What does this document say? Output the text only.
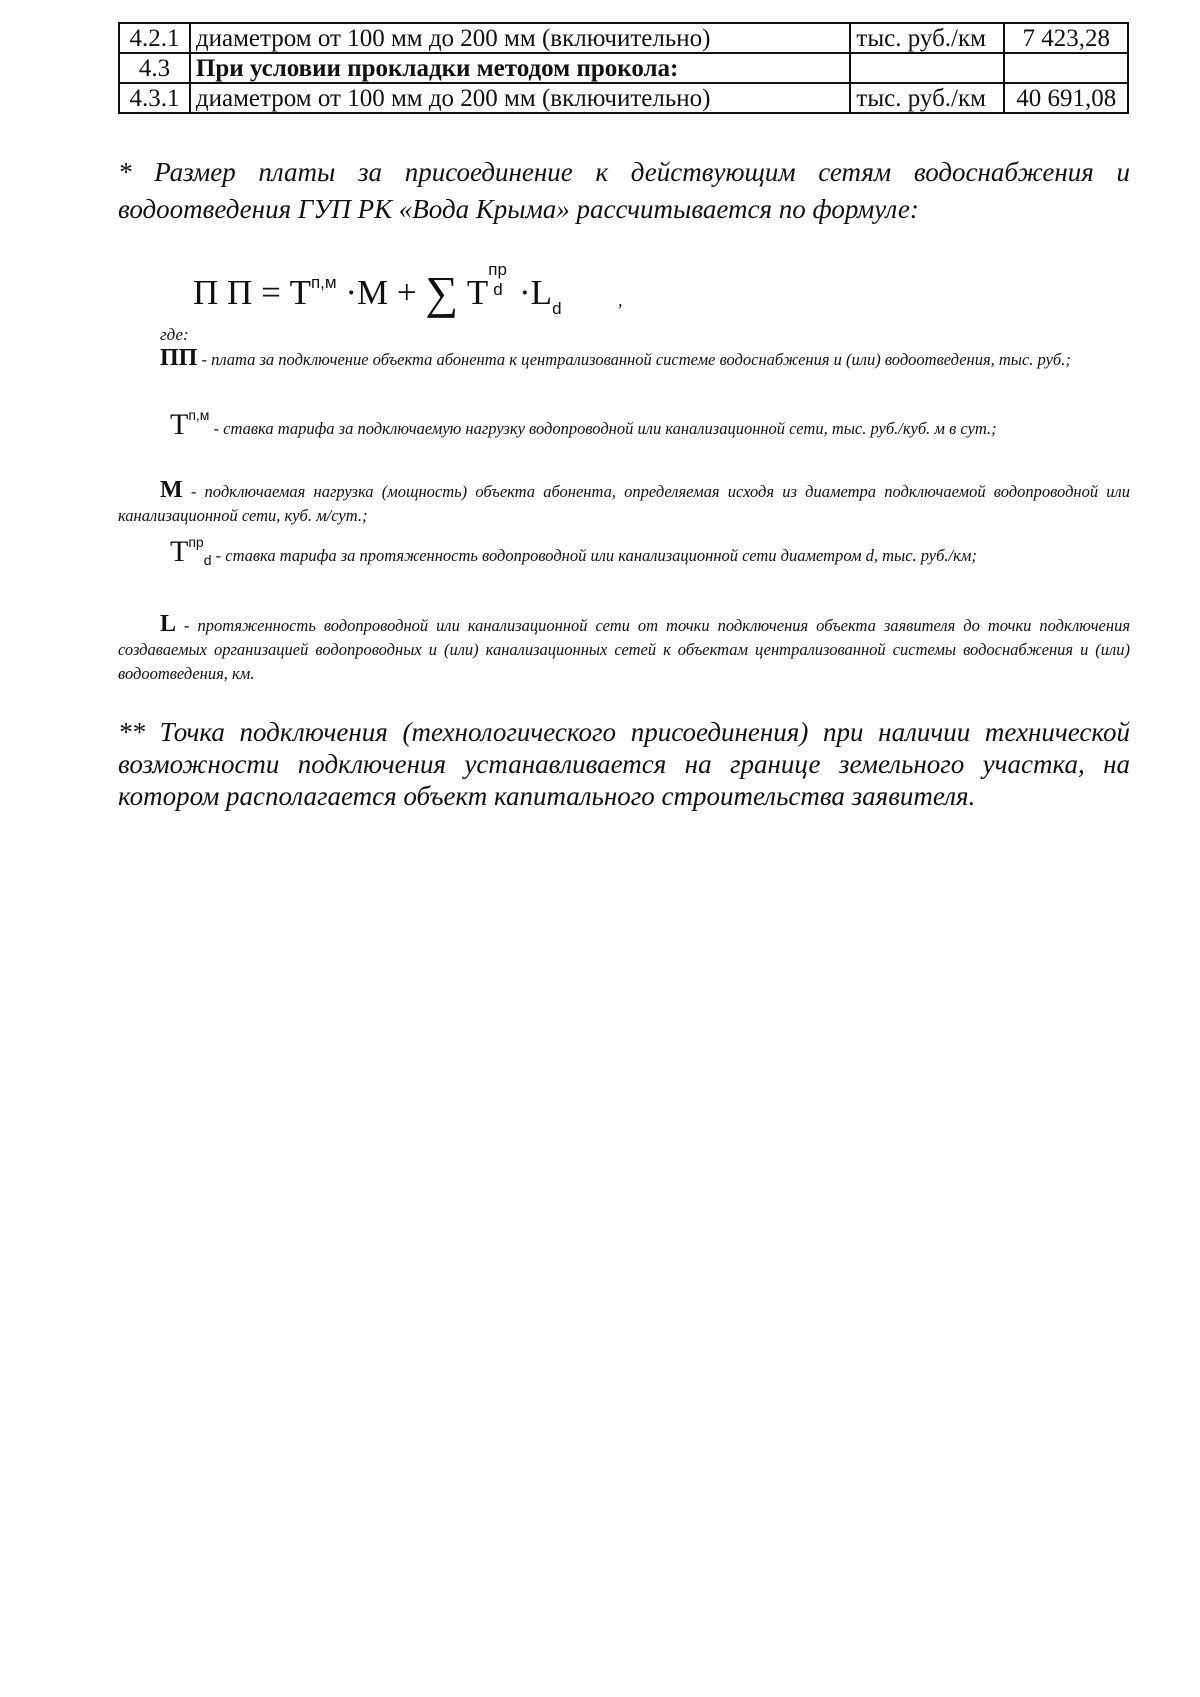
4.2.1	диаметром от 100 мм до 200 мм (включительно)	тыс. руб./км	7 423,28
4.3	При условии прокладки методом прокола:		
4.3.1	диаметром от 100 мм до 200 мм (включительно)	тыс. руб./км	40 691,08
* Размер платы за присоединение к действующим сетям водоснабжения и водоотведения ГУП РК «Вода Крыма» рассчитывается по формуле:
П $П = Т^{п,м} \cdot М$ + ∑ Т
пр
$d \cdot L_d$	,
где:
ПП - плата за подключение объекта абонента к централизованной системе водоснабжения и (или) водоотведения, тыс. руб.;
$Т^{п,м}$ - ставка тарифа за подключаемую нагрузку водопроводной или канализационной сети, тыс. руб./куб. м в сут.;
М - подключаемая нагрузка (мощность) объекта абонента, определяемая исходя из диаметра подключаемой водопроводной или канализационной сети, куб. м/сут.;
$Т^{пр}_d$ - ставка тарифа за протяженность водопроводной или канализационной сети диаметром d, тыс. руб./км;
L - протяженность водопроводной или канализационной сети от точки подключения объекта заявителя до точки подключения создаваемых организацией водопроводных и (или) канализационных сетей к объектам централизованной системы водоснабжения и (или) водоотведения, км.
** Точка подключения (технологического присоединения) при наличии технической возможности подключения устанавливается на границе земельного участка, на котором располагается объект капитального строительства заявителя.
